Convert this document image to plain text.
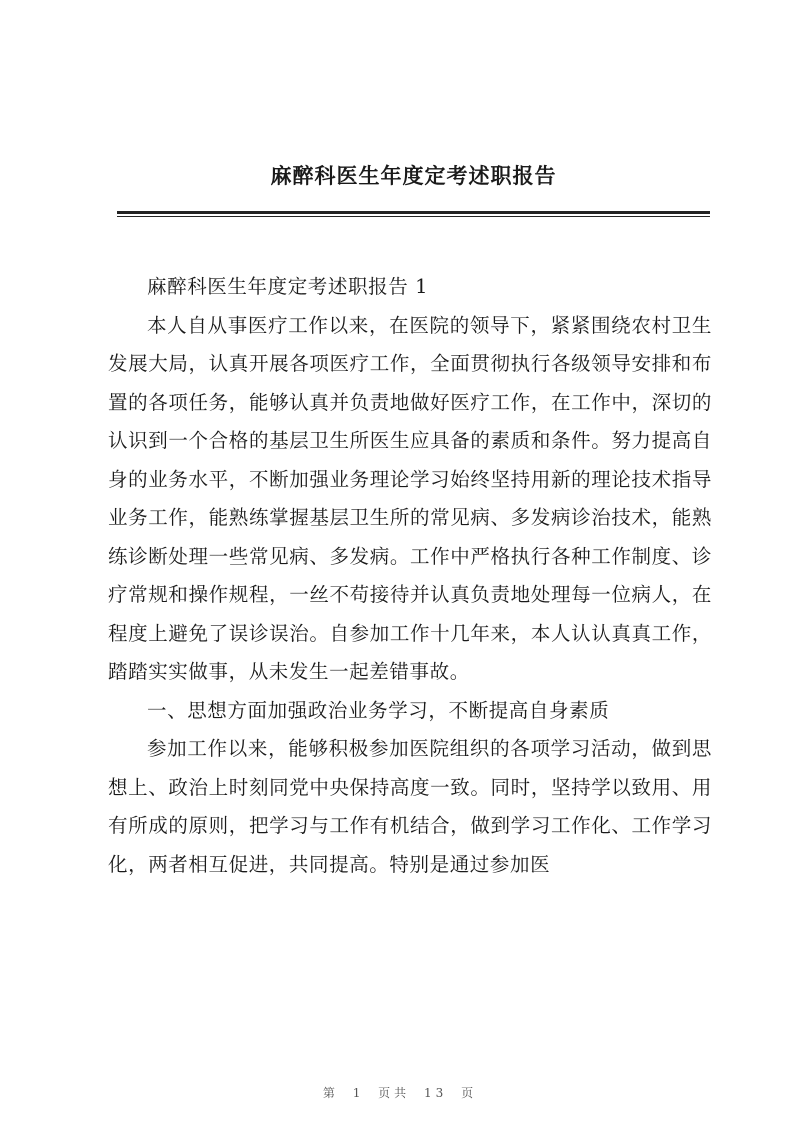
麻醉科医生年度定考述职报告

麻醉科医生年度定考述职报告 1

本人自从事医疗工作以来，在医院的领导下，紧紧围绕农村卫生发展大局，认真开展各项医疗工作，全面贯彻执行各级领导安排和布置的各项任务，能够认真并负责地做好医疗工作，在工作中，深切的认识到一个合格的基层卫生所医生应具备的素质和条件。努力提高自身的业务水平，不断加强业务理论学习始终坚持用新的理论技术指导业务工作，能熟练掌握基层卫生所的常见病、多发病诊治技术，能熟练诊断处理一些常见病、多发病。工作中严格执行各种工作制度、诊疗常规和操作规程，一丝不苟接待并认真负责地处理每一位病人，在程度上避免了误诊误治。自参加工作十几年来，本人认认真真工作，踏踏实实做事，从未发生一起差错事故。

一、思想方面加强政治业务学习，不断提高自身素质

参加工作以来，能够积极参加医院组织的各项学习活动，做到思想上、政治上时刻同党中央保持高度一致。同时，坚持学以致用、用有所成的原则，把学习与工作有机结合，做到学习工作化、工作学习化，两者相互促进，共同提高。特别是通过参加医

第 1 页共 13 页
